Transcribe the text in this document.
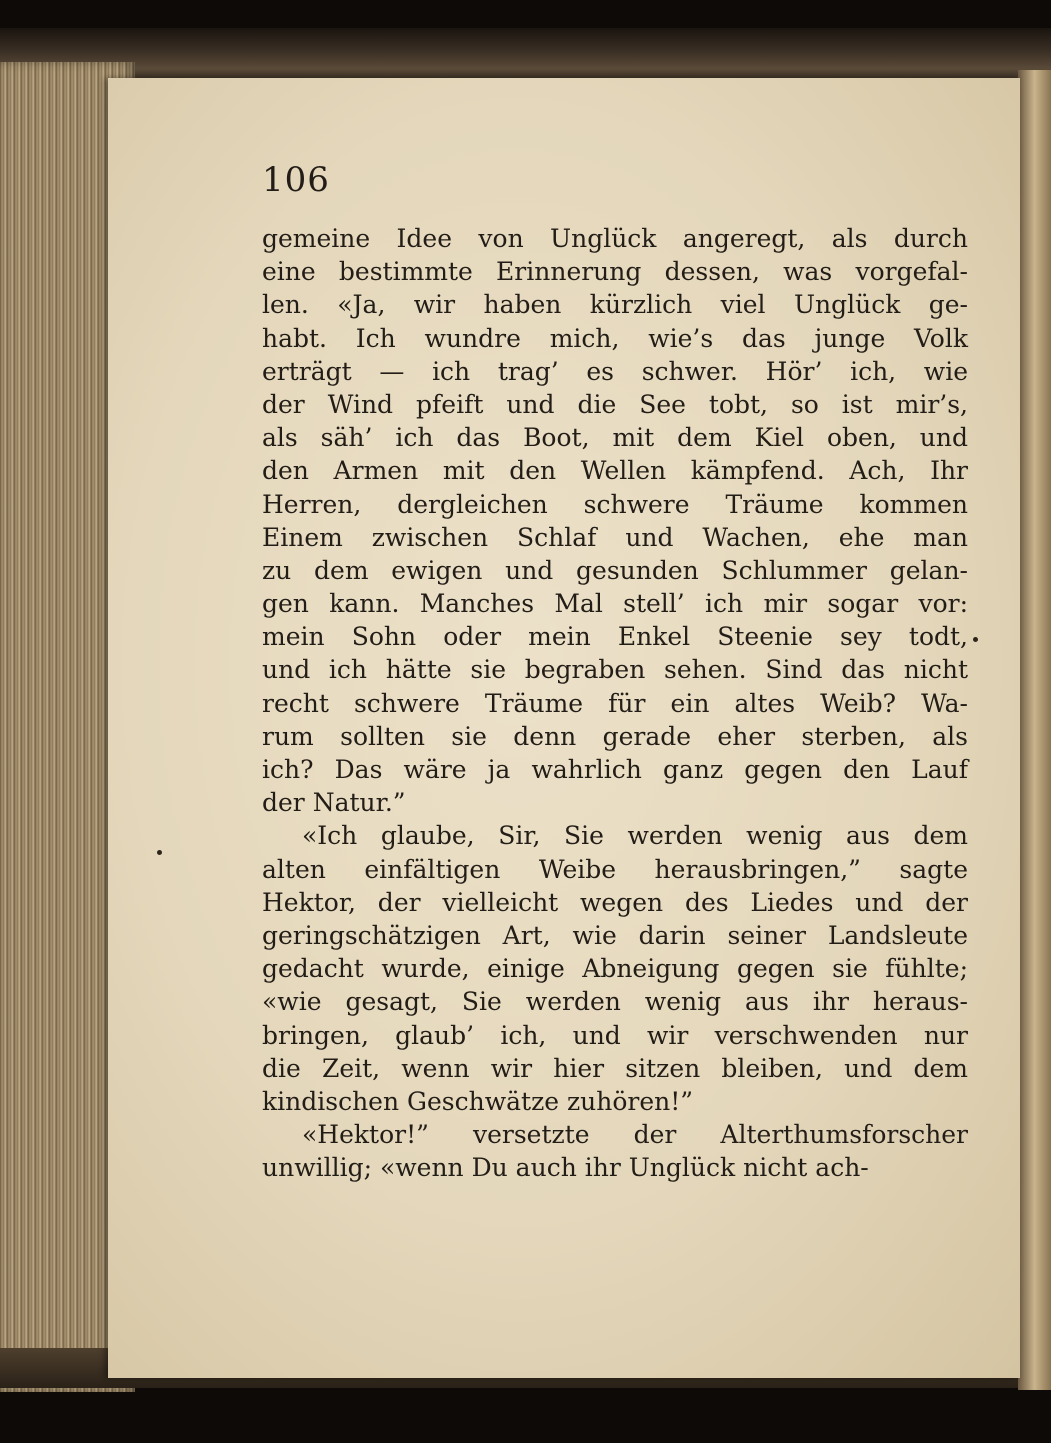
106
gemeine Idee von Unglück angeregt, als durch
eine bestimmte Erinnerung dessen, was vorgefal-
len. «Ja, wir haben kürzlich viel Unglück ge-
habt. Ich wundre mich, wie’s das junge Volk
erträgt — ich trag’ es schwer. Hör’ ich, wie
der Wind pfeift und die See tobt, so ist mir’s,
als säh’ ich das Boot, mit dem Kiel oben, und
den Armen mit den Wellen kämpfend. Ach, Ihr
Herren, dergleichen schwere Träume kommen
Einem zwischen Schlaf und Wachen, ehe man
zu dem ewigen und gesunden Schlummer gelan-
gen kann. Manches Mal stell’ ich mir sogar vor:
mein Sohn oder mein Enkel Steenie sey todt,
und ich hätte sie begraben sehen. Sind das nicht
recht schwere Träume für ein altes Weib? Wa-
rum sollten sie denn gerade eher sterben, als
ich? Das wäre ja wahrlich ganz gegen den Lauf
der Natur.”
«Ich glaube, Sir, Sie werden wenig aus dem
alten einfältigen Weibe herausbringen,” sagte
Hektor, der vielleicht wegen des Liedes und der
geringschätzigen Art, wie darin seiner Landsleute
gedacht wurde, einige Abneigung gegen sie fühlte;
«wie gesagt, Sie werden wenig aus ihr heraus-
bringen, glaub’ ich, und wir verschwenden nur
die Zeit, wenn wir hier sitzen bleiben, und dem
kindischen Geschwätze zuhören!”
«Hektor!” versetzte der Alterthumsforscher
unwillig; «wenn Du auch ihr Unglück nicht ach-
